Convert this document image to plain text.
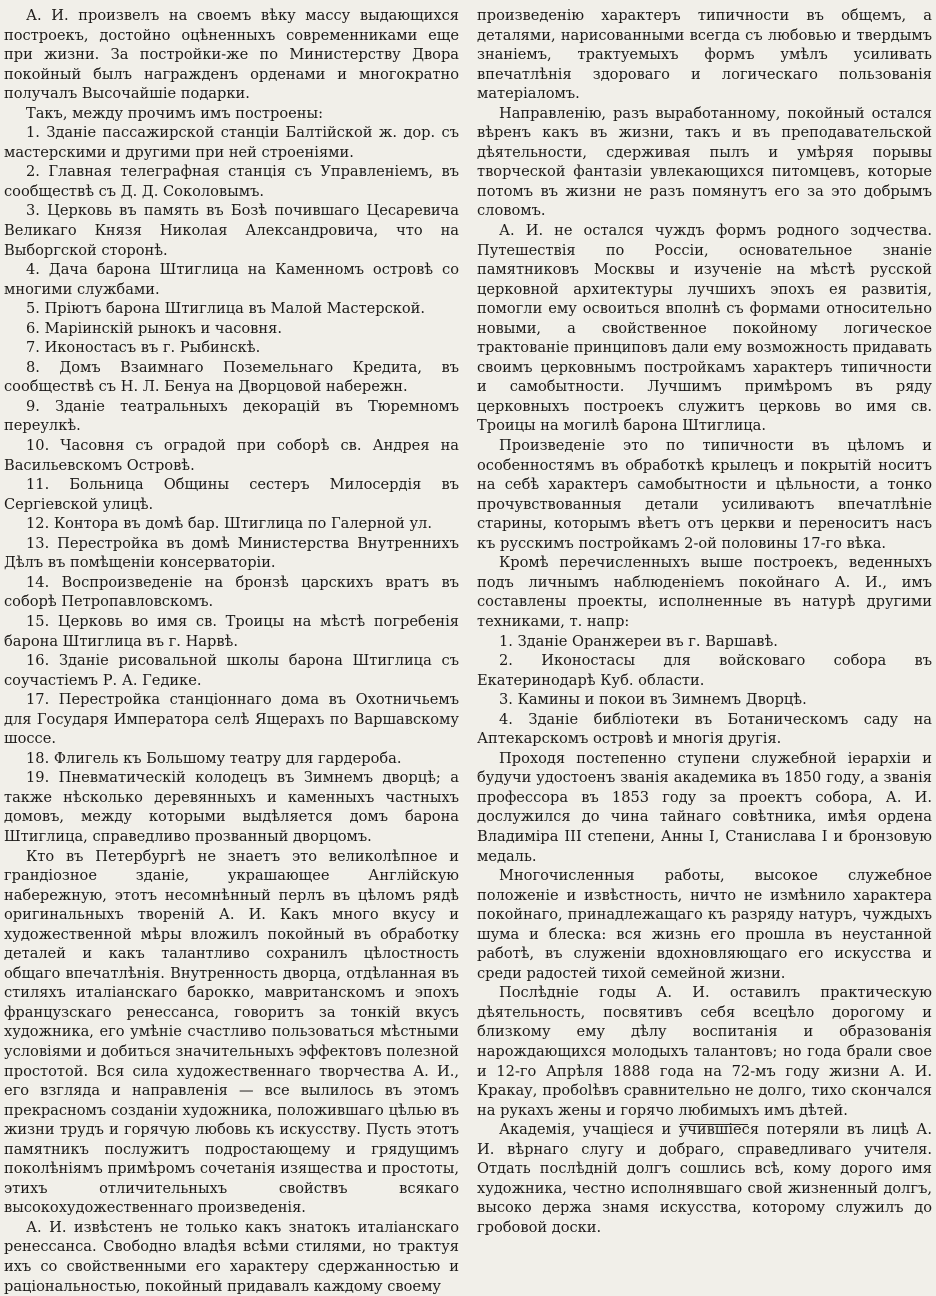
А. И. произвелъ на своемъ вѣку массу выдающихся построекъ, достойно оцѣненныхъ современниками еще при жизни. За постройки-же по Министерству Двора покойный былъ награжденъ орденами и многократно получалъ Высочайшіе подарки.

Такъ, между прочимъ имъ построены:

1. Зданіе пассажирской станціи Балтійской ж. дор. съ мастерскими и другими при ней строеніями.

2. Главная телеграфная станція съ Управленіемъ, въ сообществѣ съ Д. Д. Соколовымъ.

3. Церковь въ память въ Бозѣ почившаго Цесаревича Великаго Князя Николая Александровича, что на Выборгской сторонѣ.

4. Дача барона Штиглица на Каменномъ островѣ со многими службами.

5. Пріютъ барона Штиглица въ Малой Мастерской.

6. Маріинскій рынокъ и часовня.

7. Иконостасъ въ г. Рыбинскѣ.

8. Домъ Взаимнаго Поземельнаго Кредита, въ сообществѣ съ Н. Л. Бенуа на Дворцовой набережн.

9. Зданіе театральныхъ декорацій въ Тюремномъ переулкѣ.

10. Часовня съ оградой при соборѣ св. Андрея на Васильевскомъ Островѣ.

11. Больница Общины сестеръ Милосердія въ Сергіевской улицѣ.

12. Контора въ домѣ бар. Штиглица по Галерной ул.

13. Перестройка въ домѣ Министерства Внутреннихъ Дѣлъ въ помѣщеніи консерваторіи.

14. Воспроизведеніе на бронзѣ царскихъ вратъ въ соборѣ Петропавловскомъ.

15. Церковь во имя св. Троицы на мѣстѣ погребенія барона Штиглица въ г. Нарвѣ.

16. Зданіе рисовальной школы барона Штиглица съ соучастіемъ Р. А. Гедике.

17. Перестройка станціоннаго дома въ Охотничьемъ для Государя Императора селѣ Ящерахъ по Варшавскому шоссе.

18. Флигель къ Большому театру для гардероба.

19. Пневматическій колодецъ въ Зимнемъ дворцѣ; а также нѣсколько деревянныхъ и каменныхъ частныхъ домовъ, между которыми выдѣляется домъ барона Штиглица, справедливо прозванный дворцомъ.

Кто въ Петербургѣ не знаетъ это великолѣпное и грандіозное зданіе, украшающее Англійскую набережную, этотъ несомнѣнный перлъ въ цѣломъ рядѣ оригинальныхъ твореній А. И. Какъ много вкусу и художественной мѣры вложилъ покойный въ обработку деталей и какъ талантливо сохранилъ цѣлостность общаго впечатлѣнія. Внутренность дворца, отдѣланная въ стиляхъ италіанскаго барокко, мавританскомъ и эпохъ французскаго ренессанса, говоритъ за тонкій вкусъ художника, его умѣніе счастливо пользоваться мѣстными условіями и добиться значительныхъ эффектовъ полезной простотой. Вся сила художественнаго творчества А. И., его взгляда и направленія — все вылилось въ этомъ прекрасномъ созданіи художника, положившаго цѣлью въ жизни трудъ и горячую любовь къ искусству. Пусть этотъ памятникъ послужитъ подростающему и грядущимъ поколѣніямъ примѣромъ сочетанія изящества и простоты, этихъ отличительныхъ свойствъ всякаго высокохудожественнаго произведенія.

А. И. извѣстенъ не только какъ знатокъ италіанскаго ренессанса. Свободно владѣя всѣми стилями, но трактуя ихъ со свойственными его характеру сдержанностью и раціональностью, покойный придавалъ каждому своему

произведенію характеръ типичности въ общемъ, а деталями, нарисованными всегда съ любовью и твердымъ знаніемъ, трактуемыхъ формъ умѣлъ усиливать впечатлѣнія здороваго и логическаго пользованія матеріаломъ.

Направленію, разъ выработанному, покойный остался вѣренъ какъ въ жизни, такъ и въ преподавательской дѣятельности, сдерживая пылъ и умѣряя порывы творческой фантазіи увлекающихся питомцевъ, которые потомъ въ жизни не разъ помянутъ его за это добрымъ словомъ.

А. И. не остался чуждъ формъ родного зодчества. Путешествія по Россіи, основательное знаніе памятниковъ Москвы и изученіе на мѣстѣ русской церковной архитектуры лучшихъ эпохъ ея развитія, помогли ему освоиться вполнѣ съ формами относительно новыми, а свойственное покойному логическое трактованіе принциповъ дали ему возможность придавать своимъ церковнымъ постройкамъ характеръ типичности и самобытности. Лучшимъ примѣромъ въ ряду церковныхъ построекъ служитъ церковь во имя св. Троицы на могилѣ барона Штиглица.

Произведеніе это по типичности въ цѣломъ и особенностямъ въ обработкѣ крылецъ и покрытій носитъ на себѣ характеръ самобытности и цѣльности, а тонко прочувствованныя детали усиливаютъ впечатлѣніе старины, которымъ вѣетъ отъ церкви и переноситъ насъ къ русскимъ постройкамъ 2-ой половины 17-го вѣка.

Кромѣ перечисленныхъ выше построекъ, веденныхъ подъ личнымъ наблюденіемъ покойнаго А. И., имъ составлены проекты, исполненные въ натурѣ другими техниками, т. напр:

1. Зданіе Оранжереи въ г. Варшавѣ.

2. Иконостасы для войсковаго собора въ Екатеринодарѣ Куб. области.

3. Камины и покои въ Зимнемъ Дворцѣ.

4. Зданіе библіотеки въ Ботаническомъ саду на Аптекарскомъ островѣ и многія другія.

Проходя постепенно ступени служебной іерархіи и будучи удостоенъ званія академика въ 1850 году, а званія профессора въ 1853 году за проектъ собора, А. И. дослужился до чина тайнаго совѣтника, имѣя ордена Владиміра III степени, Анны I, Станислава I и бронзовую медаль.

Многочисленныя работы, высокое служебное положеніе и извѣстность, ничто не измѣнило характера покойнаго, принадлежащаго къ разряду натуръ, чуждыхъ шума и блеска: вся жизнь его прошла въ неустанной работѣ, въ служеніи вдохновляющаго его искусства и среди радостей тихой семейной жизни.

Послѣдніе годы А. И. оставилъ практическую дѣятельность, посвятивъ себя всецѣло дорогому и близкому ему дѣлу воспитанія и образованія нарождающихся молодыхъ талантовъ; но года брали свое и 12-го Апрѣля 1888 года на 72-мъ году жизни А. И. Кракау, пробolѣвъ сравнительно не долго, тихо скончался на рукахъ жены и горячо любимыхъ имъ дѣтей.

Академія, учащіеся и учившіеся потеряли въ лицѣ А. И. вѣрнаго слугу и добраго, справедливаго учителя. Отдать послѣдній долгъ сошлись всѣ, кому дорого имя художника, честно исполнявшаго свой жизненный долгъ, высоко держа знамя искусства, которому служилъ до гробовой доски.
